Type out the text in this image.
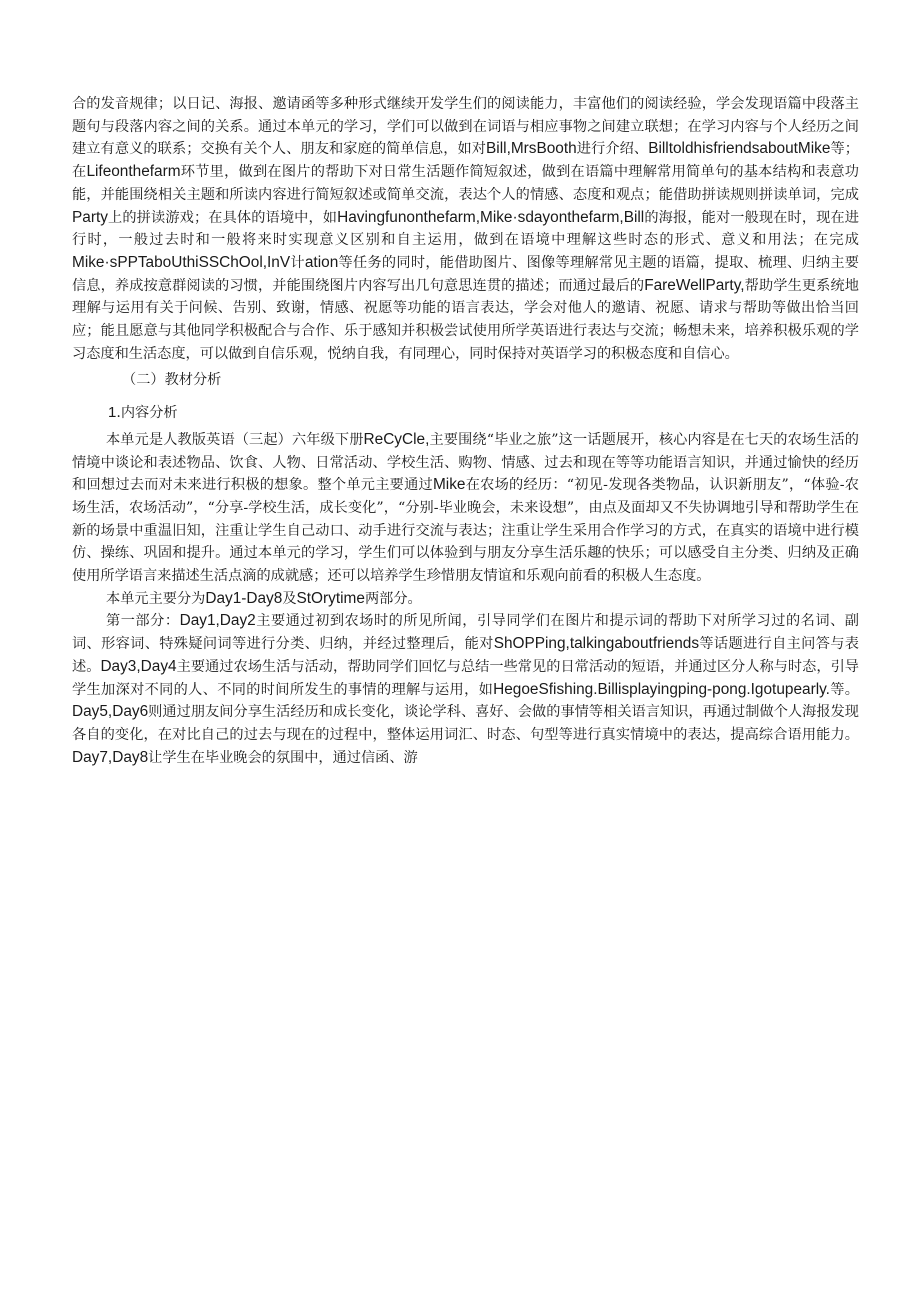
合的发音规律；以日记、海报、邀请函等多种形式继续开发学生们的阅读能力，丰富他们的阅读经验，学会发现语篇中段落主题句与段落内容之间的关系。通过本单元的学习，学们可以做到在词语与相应事物之间建立联想；在学习内容与个人经历之间建立有意义的联系；交换有关个人、朋友和家庭的简单信息，如对Bill,MrsBooth进行介绍、Billtoldhisfriendsab​outMike等；在Lifeonthefarm环节里，做到在图片的帮助下对日常生活题作简短叙述，做到在语篇中理解常用简单句的基本结构和表意功能，并能围绕相关主题和所读内容进行简短叙述或简单交流，表达个人的情感、态度和观点；能借助拼读规则拼读单词，完成Party上的拼读游戏；在具体的语境中，如Havingfunonthefarm,Mike·sdayonthefarm,Bill的海报，能对一般现在时，现在进行时，一般过去时和一般将来时实现意义区别和自主运用，做到在语境中理解这些时态的形式、意义和用法；在完成Mike·sPPTabo​UthiSSChOol,InV计ation等任务的同时，能借助图片、图像等理解常见主题的语篇，提取、梳理、归纳主要信息，养成按意群阅读的习惯，并能围绕图片内容写出几句意思连贯的描述；而通过最后的FareWellParty,帮助学生更系统地理解与运用有关于问候、告别、致谢，情感、祝愿等功能的语言表达，学会对他人的邀请、祝愿、请求与帮助等做出恰当回应；能且愿意与其他同学积极配合与合作、乐于感知并积极尝试使用所学英语进行表达与交流；畅想未来，培养积极乐观的学习态度和生活态度，可以做到自信乐观，悦纳自我，有同理心，同时保持对英语学习的积极态度和自信心。

（二）教材分析

1.内容分析

本单元是人教版英语（三起）六年级下册ReCyCle,主要围绕“毕业之旅”这一话题展开，核心内容是在七天的农场生活的情境中谈论和表述物品、饮食、人物、日常活动、学校生活、购物、情感、过去和现在等等功能语言知识，并通过愉快的经历和回想过去而对未来进行积极的想象。整个单元主要通过Mike在农场的经历：“初见-发现各类物品，认识新朋友”，“体验-农场生活，农场活动”，“分享-学校生活，成长变化”，“分别-毕业晚会，未来设想”，由点及面却又不失协调地引导和帮助学生在新的场景中重温旧知，注重让学生自己动口、动手进行交流与表达；注重让学生采用合作学习的方式，在真实的语境中进行模仿、操练、巩固和提升。通过本单元的学习，学生们可以体验到与朋友分享生活乐趣的快乐；可以感受自主分类、归纳及正确使用所学语言来描述生活点滴的成就感；还可以培养学生珍惜朋友情谊和乐观向前看的积极人生态度。

本单元主要分为Day1-Day8及StOrytime两部分。

第一部分：Day1,Day2主要通过初到农场时的所见所闻，引导同学们在图片和提示词的帮助下对所学习过的名词、副词、形容词、特殊疑问词等进行分类、归纳，并经过整理后，能对ShOPPing,talkingaboutfriends等话题进行自主问答与表述。Day3,Day4主要通过农场生活与活动，帮助同学们回忆与总结一些常见的日常活动的短语，并通过区分人称与时态，引导学生加深对不同的人、不同的时间所发生的事情的理解与运用，如HegoeSfishing.Billisplayingping-pong.Igotupearly.等。Day5,Day6则通过朋友间分享生活经历和成长变化，谈论学科、喜好、会做的事情等相关语言知识，再通过制做个人海报发现各自的变化，在对比自己的过去与现在的过程中，整体运用词汇、时态、句型等进行真实情境中的表达，提高综合语用能力。Day7,Day8让学生在毕业晚会的氛围中，通过信函、游
